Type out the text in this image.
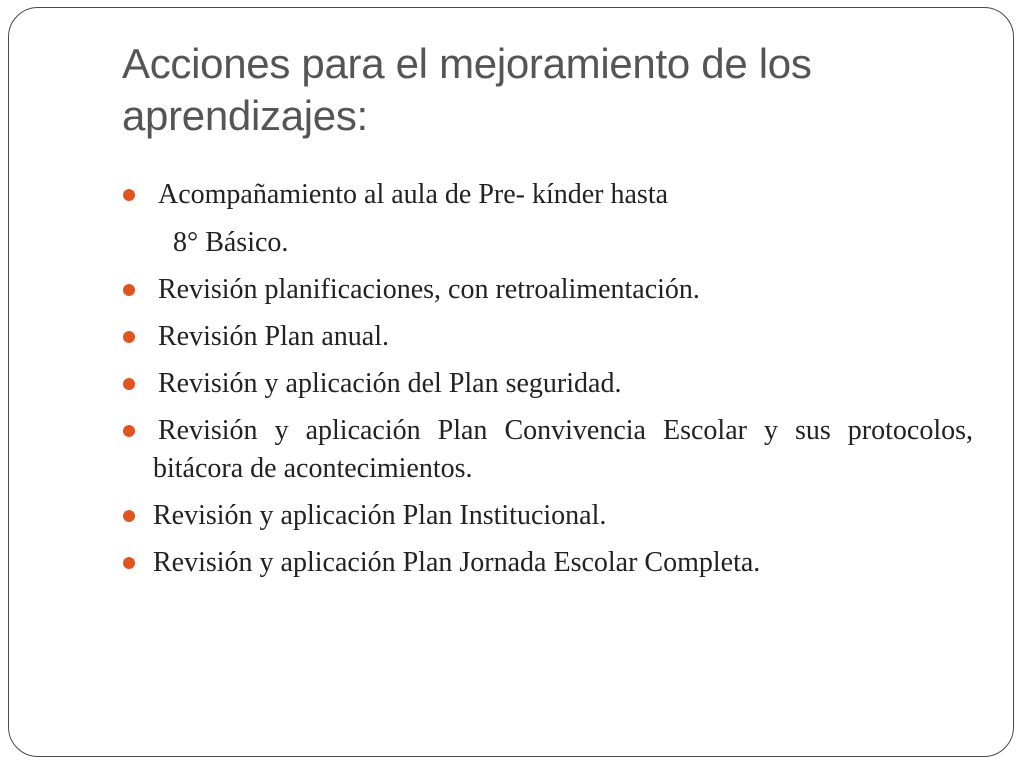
Acciones para el mejoramiento de los aprendizajes:
Acompañamiento al aula de Pre- kínder hasta
8° Básico.
Revisión planificaciones, con retroalimentación.
Revisión Plan anual.
Revisión y aplicación del Plan seguridad.
Revisión y aplicación Plan Convivencia Escolar y sus protocolos, bitácora de acontecimientos.
Revisión y aplicación Plan Institucional.
Revisión y aplicación Plan Jornada Escolar Completa.
